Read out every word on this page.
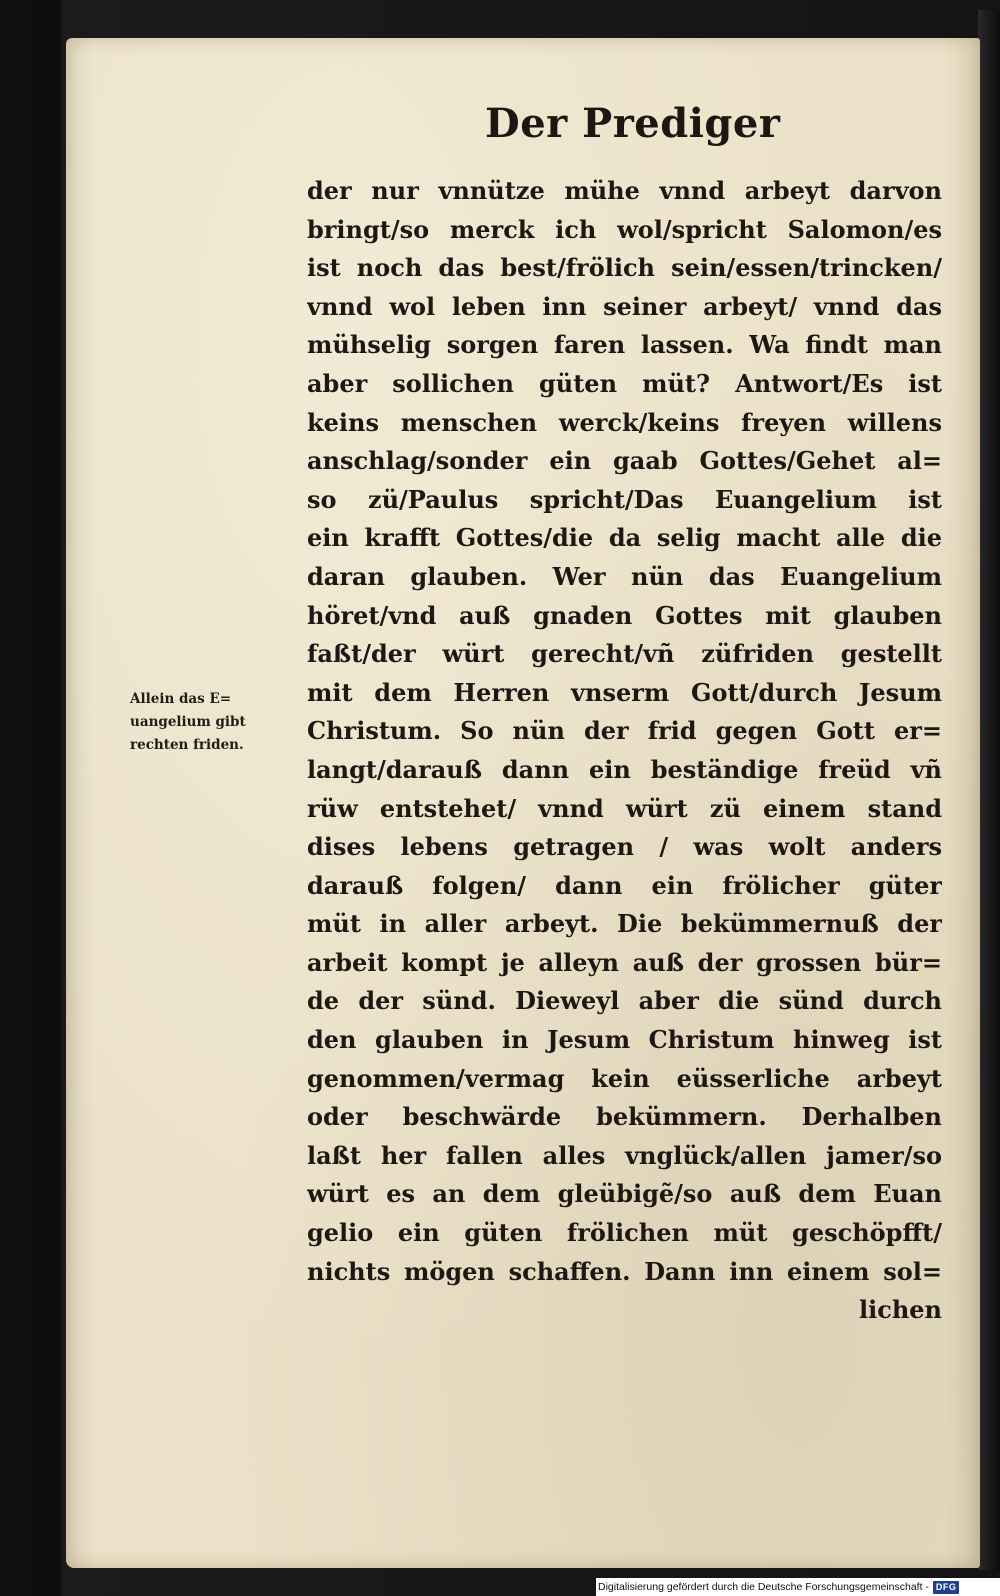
Der Prediger
Allein das E=
uangelium gibt
rechten friden.
der nur vnnütze mühe vnnd arbeyt darvon
bringt/so merck ich wol/spricht Salomon/es
ist noch das best/frölich sein/essen/trincken/
vnnd wol leben inn seiner arbeyt/ vnnd das
mühselig sorgen faren lassen. Wa findt man
aber sollichen güten müt? Antwort/Es ist
keins menschen werck/keins freyen willens
anschlag/sonder ein gaab Gottes/Gehet al=
so zü/Paulus spricht/Das Euangelium ist
ein krafft Gottes/die da selig macht alle die
daran glauben. Wer nün das Euangelium
höret/vnd auß gnaden Gottes mit glauben
faßt/der würt gerecht/vñ züfriden gestellt
mit dem Herren vnserm Gott/durch Jesum
Christum. So nün der frid gegen Gott er=
langt/darauß dann ein beständige freüd vñ
rüw entstehet/ vnnd würt zü einem stand
dises lebens getragen / was wolt anders
darauß folgen/ dann ein frölicher güter
müt in aller arbeyt. Die bekümmernuß der
arbeit kompt je alleyn auß der grossen bür=
de der sünd. Dieweyl aber die sünd durch
den glauben in Jesum Christum hinweg ist
genommen/vermag kein eüsserliche arbeyt
oder beschwärde bekümmern. Derhalben
laßt her fallen alles vnglück/allen jamer/so
würt es an dem gleübigẽ/so auß dem Euan
gelio ein güten frölichen müt geschöpfft/
nichts mögen schaffen. Dann inn einem sol=
lichen
Digitalisierung gefördert durch die Deutsche Forschungsgemeinschaft - DFG
